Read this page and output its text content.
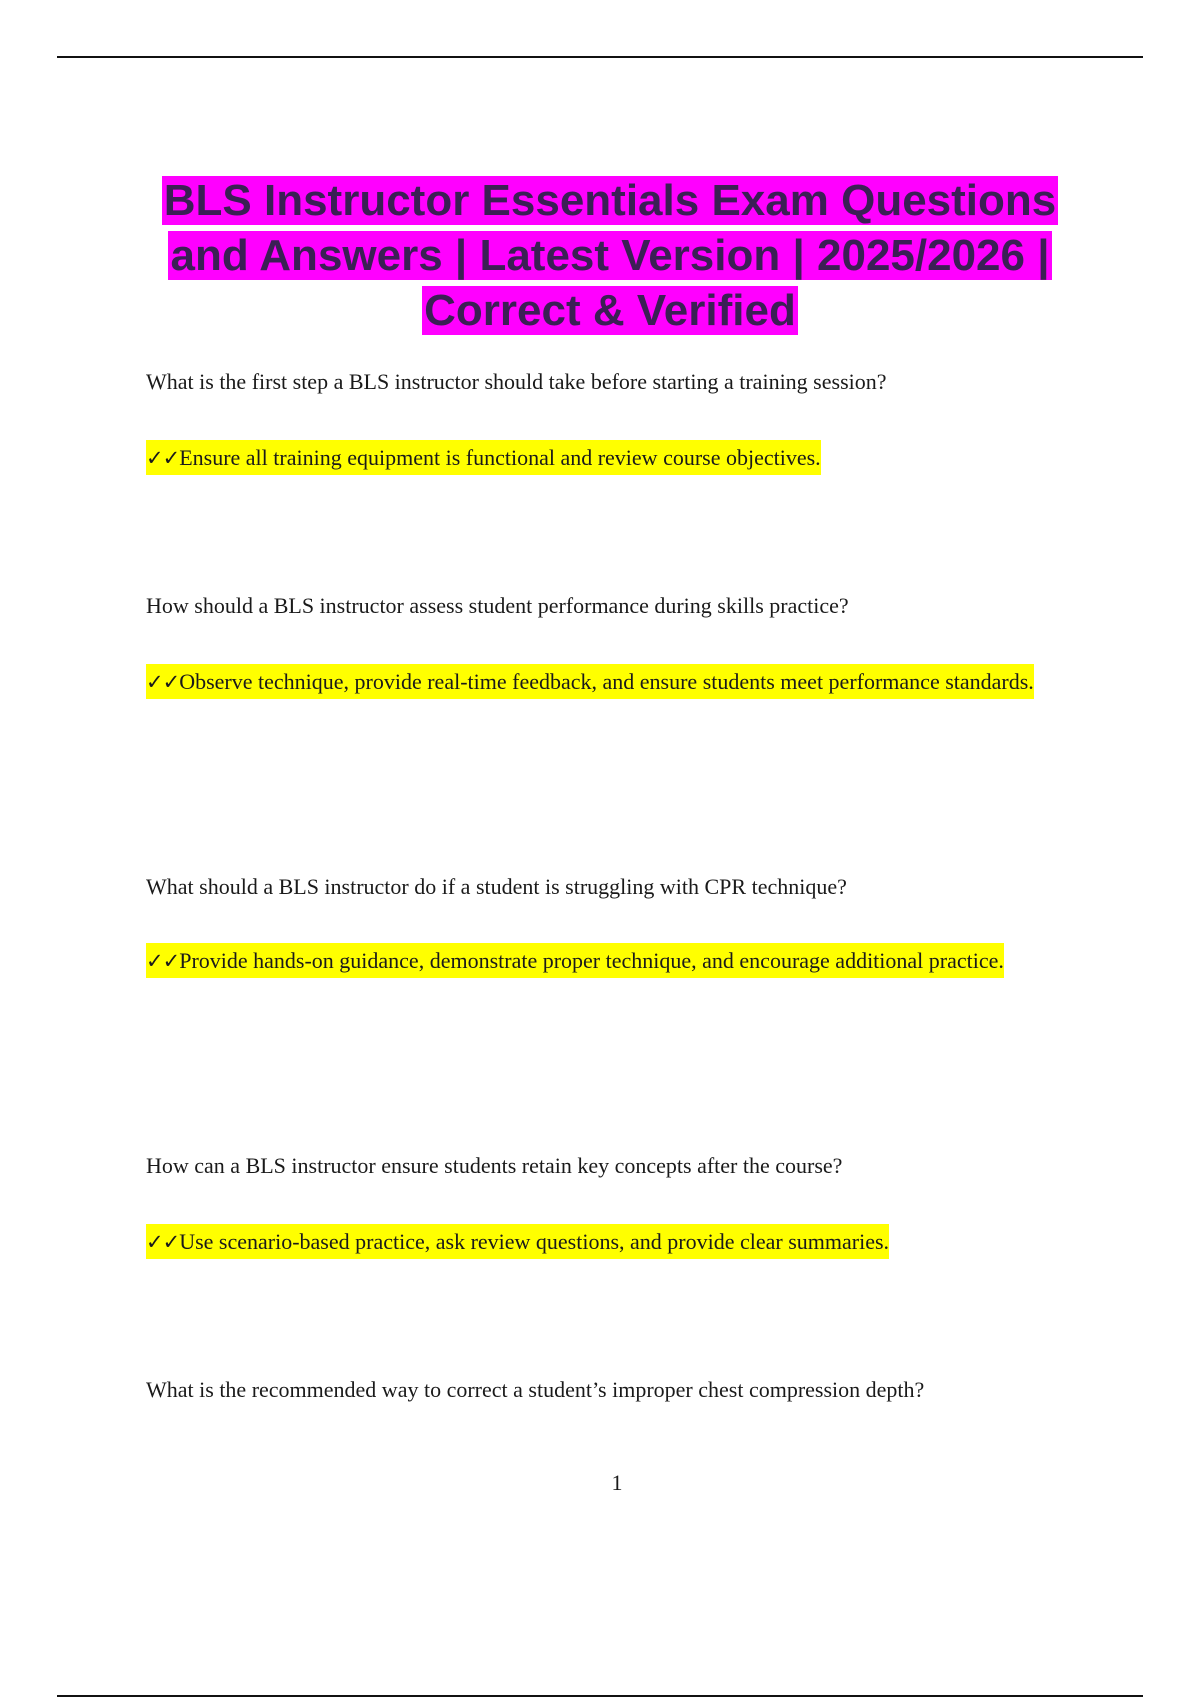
BLS Instructor Essentials Exam Questions and Answers | Latest Version | 2025/2026 | Correct & Verified

What is the first step a BLS instructor should take before starting a training session?

✓✓Ensure all training equipment is functional and review course objectives.

How should a BLS instructor assess student performance during skills practice?

✓✓Observe technique, provide real-time feedback, and ensure students meet performance standards.

What should a BLS instructor do if a student is struggling with CPR technique?

✓✓Provide hands-on guidance, demonstrate proper technique, and encourage additional practice.

How can a BLS instructor ensure students retain key concepts after the course?

✓✓Use scenario-based practice, ask review questions, and provide clear summaries.

What is the recommended way to correct a student’s improper chest compression depth?

1
